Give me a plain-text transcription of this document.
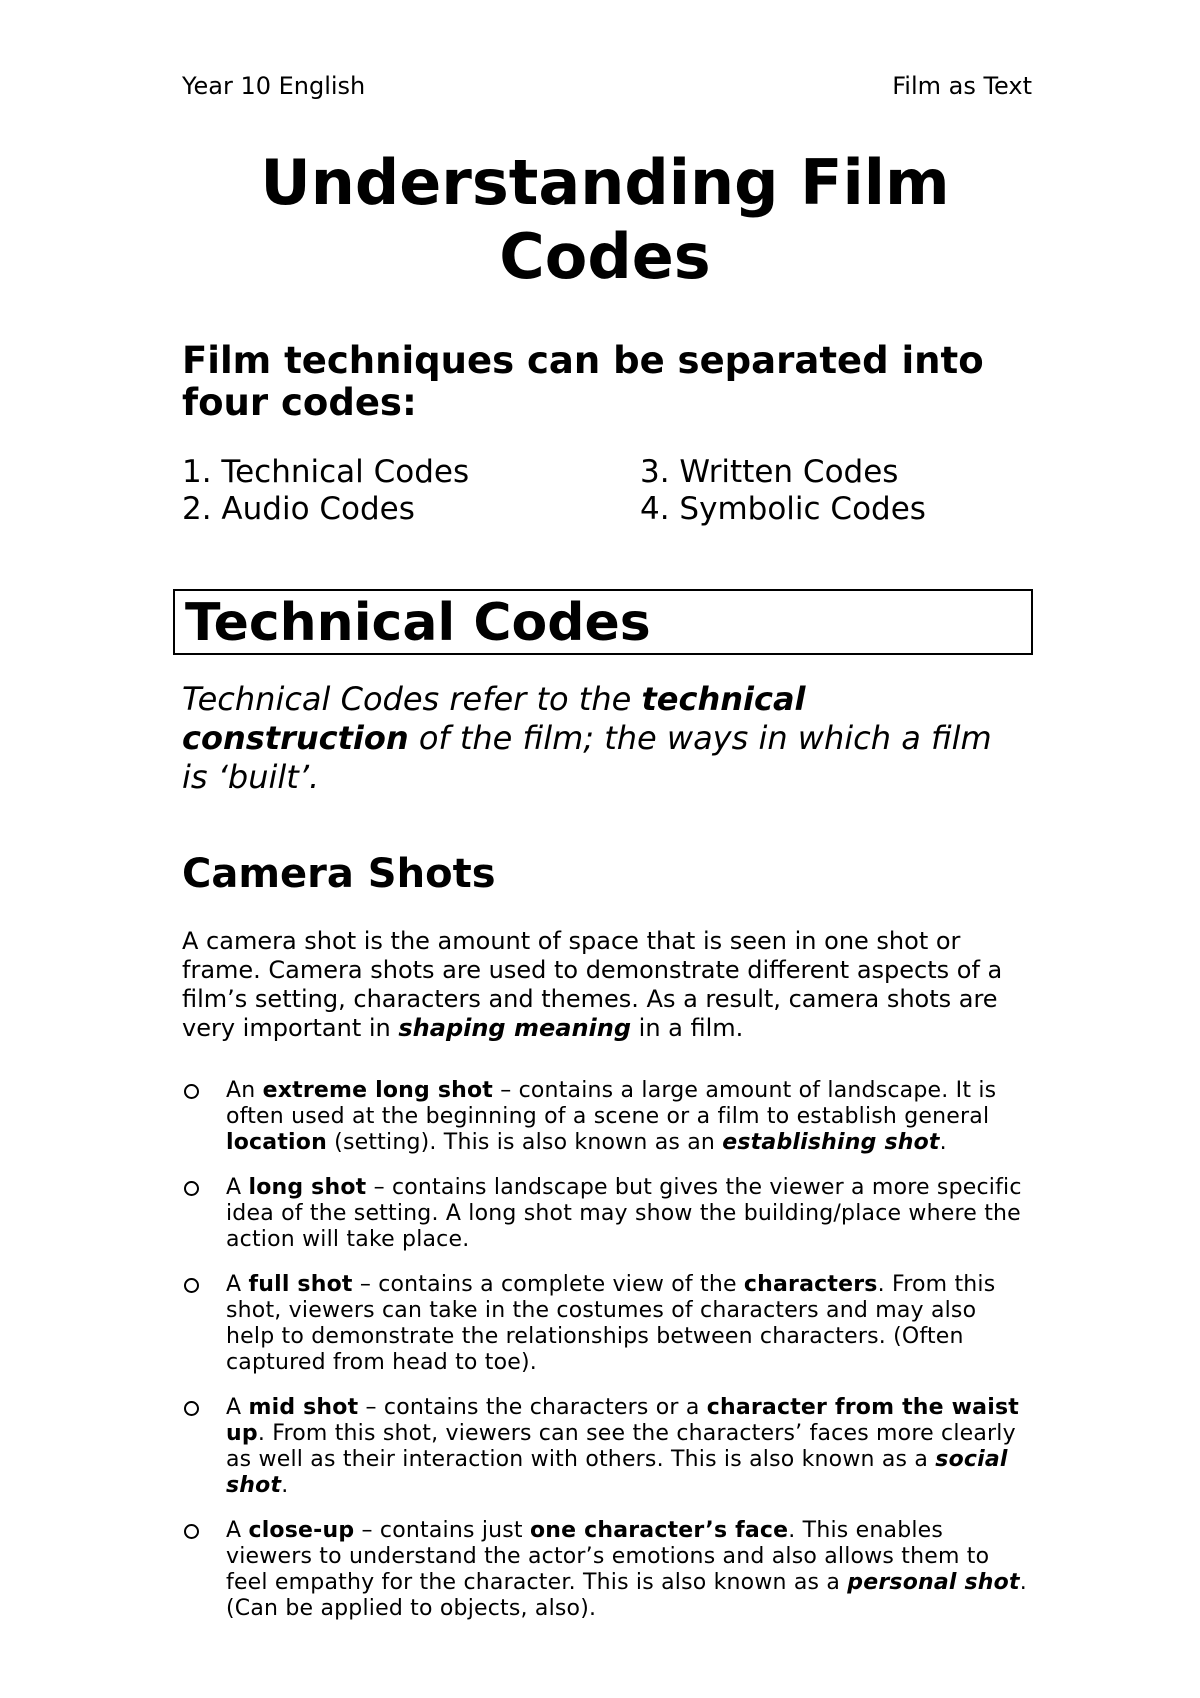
Year 10 English	Film as Text
Understanding Film
Codes

Film techniques can be separated into
four codes:

1. Technical Codes
2. Audio Codes
3. Written Codes
4. Symbolic Codes
Technical Codes

Technical Codes refer to the technical
construction of the film; the ways in which a film
is ‘built’.

Camera Shots

A camera shot is the amount of space that is seen in one shot or
frame. Camera shots are used to demonstrate different aspects of a
film’s setting, characters and themes. As a result, camera shots are
very important in shaping meaning in a film.

An extreme long shot – contains a large amount of landscape. It is
often used at the beginning of a scene or a film to establish general
location (setting). This is also known as an establishing shot.
A long shot – contains landscape but gives the viewer a more specific
idea of the setting. A long shot may show the building/place where the
action will take place.
A full shot – contains a complete view of the characters. From this
shot, viewers can take in the costumes of characters and may also
help to demonstrate the relationships between characters. (Often
captured from head to toe).
A mid shot – contains the characters or a character from the waist
up. From this shot, viewers can see the characters’ faces more clearly
as well as their interaction with others. This is also known as a social
shot.
A close-up – contains just one character’s face. This enables
viewers to understand the actor’s emotions and also allows them to
feel empathy for the character. This is also known as a personal shot.
(Can be applied to objects, also).
